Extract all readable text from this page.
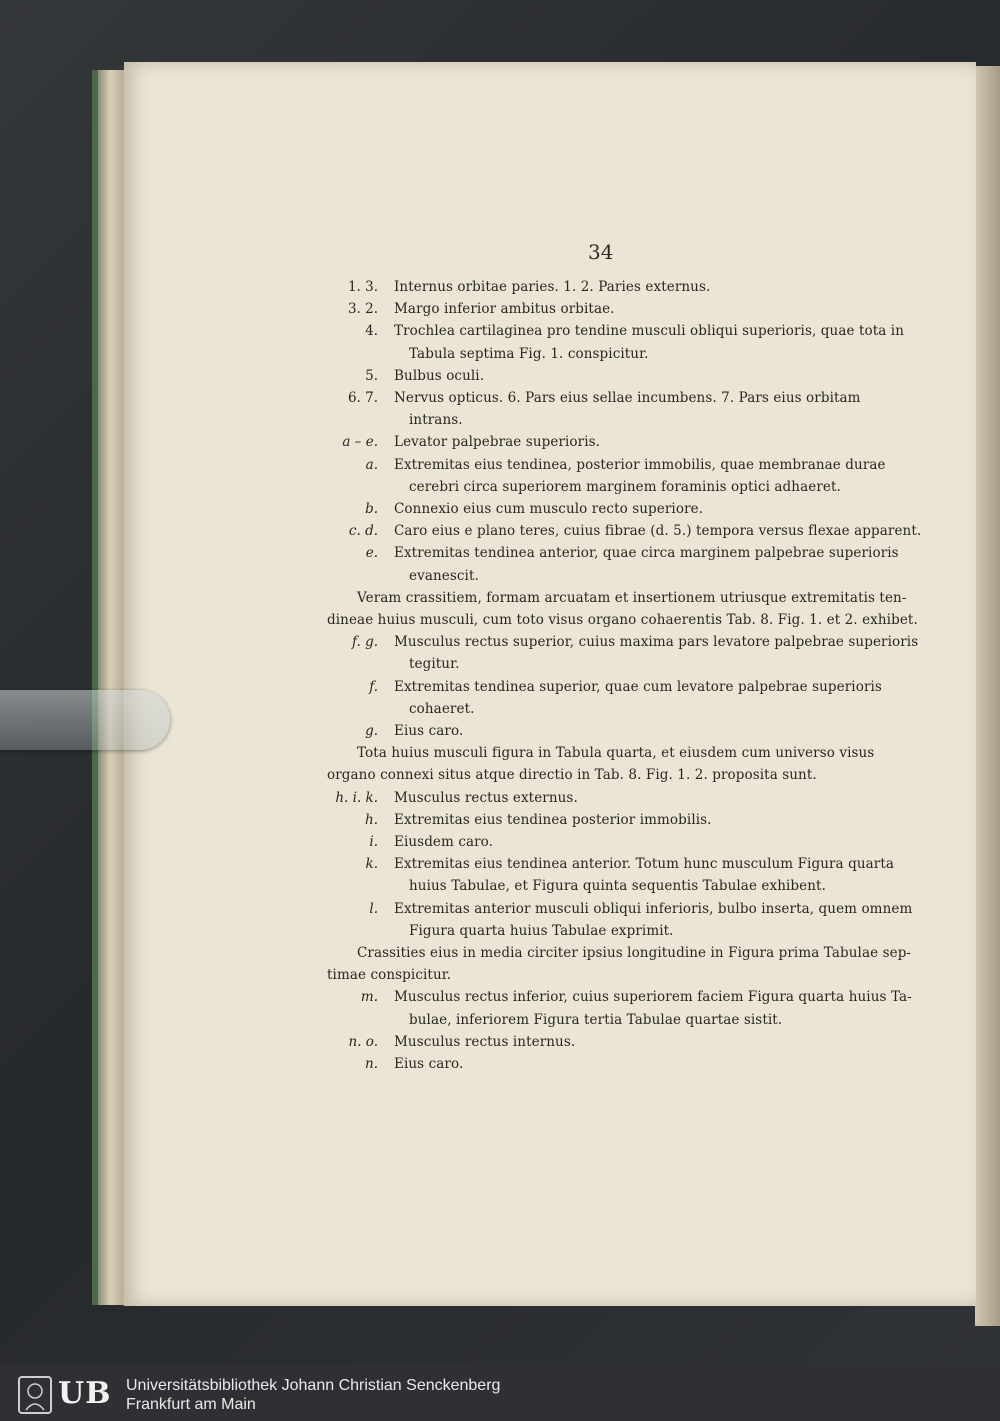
34
1. 3. Internus orbitae paries. 1. 2. Paries externus.
3. 2. Margo inferior ambitus orbitae.
4. Trochlea cartilaginea pro tendine musculi obliqui superioris, quae tota in
Tabula septima Fig. 1. conspicitur.
5. Bulbus oculi.
6. 7. Nervus opticus. 6. Pars eius sellae incumbens. 7. Pars eius orbitam
intrans.
a – e. Levator palpebrae superioris.
a. Extremitas eius tendinea, posterior immobilis, quae membranae durae
cerebri circa superiorem marginem foraminis optici adhaeret.
b. Connexio eius cum musculo recto superiore.
c. d. Caro eius e plano teres, cuius fibrae (d. 5.) tempora versus flexae apparent.
e. Extremitas tendinea anterior, quae circa marginem palpebrae superioris
evanescit.
Veram crassitiem, formam arcuatam et insertionem utriusque extremitatis ten-
dineae huius musculi, cum toto visus organo cohaerentis Tab. 8. Fig. 1. et 2. exhibet.
f. g. Musculus rectus superior, cuius maxima pars levatore palpebrae superioris
tegitur.
f. Extremitas tendinea superior, quae cum levatore palpebrae superioris
cohaeret.
g. Eius caro.
Tota huius musculi figura in Tabula quarta, et eiusdem cum universo visus
organo connexi situs atque directio in Tab. 8. Fig. 1. 2. proposita sunt.
h. i. k. Musculus rectus externus.
h. Extremitas eius tendinea posterior immobilis.
i. Eiusdem caro.
k. Extremitas eius tendinea anterior. Totum hunc musculum Figura quarta
huius Tabulae, et Figura quinta sequentis Tabulae exhibent.
l. Extremitas anterior musculi obliqui inferioris, bulbo inserta, quem omnem
Figura quarta huius Tabulae exprimit.
Crassities eius in media circiter ipsius longitudine in Figura prima Tabulae sep-
timae conspicitur.
m. Musculus rectus inferior, cuius superiorem faciem Figura quarta huius Ta-
bulae, inferiorem Figura tertia Tabulae quartae sistit.
n. o. Musculus rectus internus.
n. Eius caro.
UB Universitätsbibliothek Johann Christian Senckenberg
Frankfurt am Main
